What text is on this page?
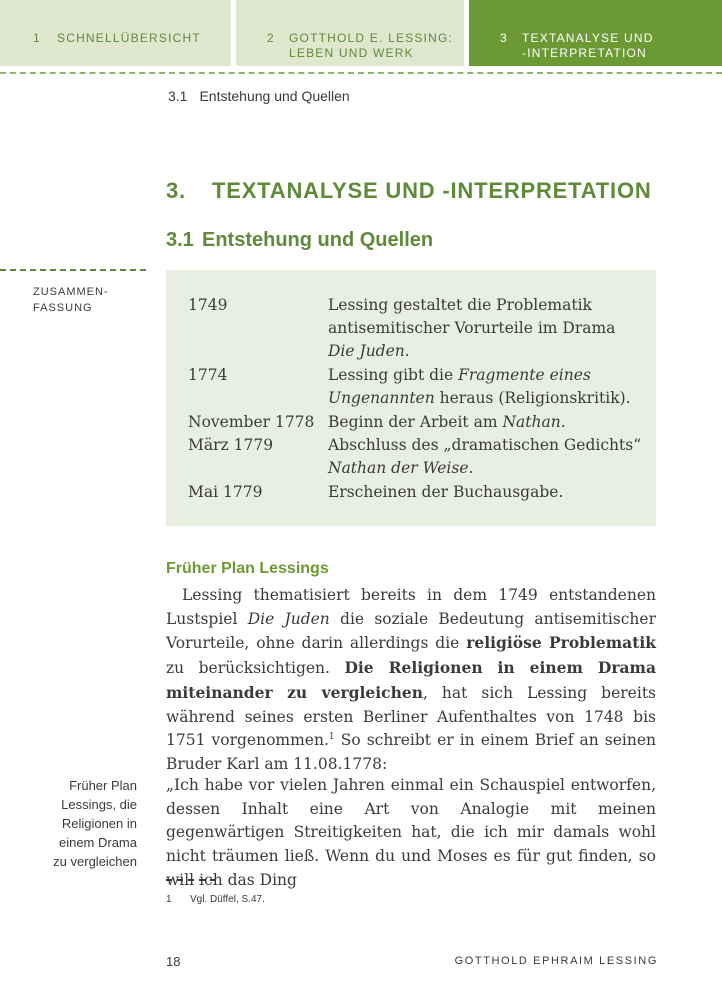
1 SCHNELLÜBERSICHT	2 GOTTHOLD E. LESSING:
LEBEN UND WERK
3 TEXTANALYSE UND
-INTERPRETATION
3.1 Entstehung und Quellen
3. TEXTANALYSE UND -INTERPRETATION
3.1 Entstehung und Quellen
ZUSAMMEN-
FASSUNG	1749	Lessing gestaltet die Problematik
antisemitischer Vorurteile im Drama
Die Juden.
1774	Lessing gibt die Fragmente eines
Ungenannten heraus (Religionskritik).
November 1778 Beginn der Arbeit am Nathan.
März 1779	Abschluss des „dramatischen Gedichts“
Nathan der Weise.
Mai 1779	Erscheinen der Buchausgabe.
Früher Plan Lessings

Lessing thematisiert bereits in dem 1749 entstandenen Lustspiel Die Juden die soziale Bedeutung antisemitischer Vorurteile, ohne darin allerdings die religiöse Problematik zu berücksichtigen. Die Religionen in einem Drama miteinander zu vergleichen, hat sich Lessing bereits während seines ersten Berliner Aufenthaltes von 1748 bis 1751 vorgenommen.$^1$ So schreibt er in einem Brief an seinen Bruder Karl am 11.08.1778:

„Ich habe vor vielen Jahren einmal ein Schauspiel entworfen, dessen Inhalt eine Art von Analogie mit meinen gegenwärtigen Streitigkeiten hat, die ich mir damals wohl nicht träumen ließ. Wenn du und Moses es für gut finden, so will ich das Ding

Früher Plan
Lessings, die
Religionen in
einem Drama
zu vergleichen
1 Vgl. Düffel, S.47.
18	GOTTHOLD EPHRAIM LESSING
